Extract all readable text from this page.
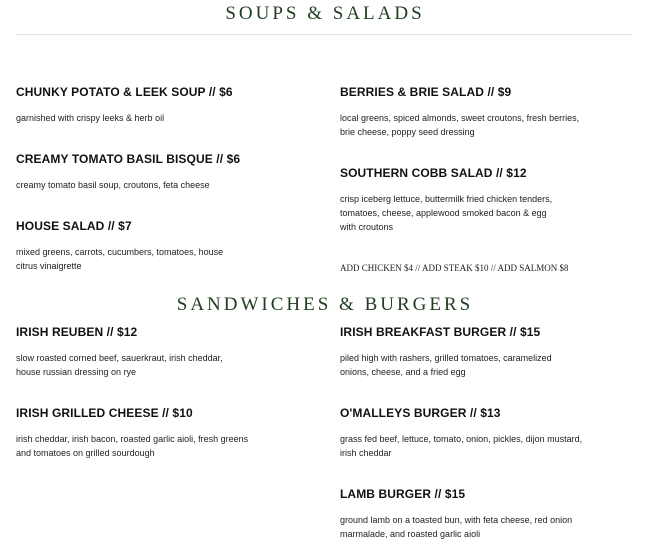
SOUPS & SALADS

CHUNKY POTATO & LEEK SOUP // $6

garnished with crispy leeks & herb oil

CREAMY TOMATO BASIL BISQUE // $6

creamy tomato basil soup, croutons, feta cheese

HOUSE SALAD // $7

mixed greens, carrots, cucumbers, tomatoes, house citrus vinaigrette

BERRIES & BRIE SALAD // $9

local greens, spiced almonds, sweet croutons, fresh berries, brie cheese, poppy seed dressing

SOUTHERN COBB SALAD // $12

crisp iceberg lettuce, buttermilk fried chicken tenders, tomatoes, cheese, applewood smoked bacon & egg with croutons

ADD CHICKEN $4 // ADD STEAK $10 // ADD SALMON $8
SANDWICHES & BURGERS

IRISH REUBEN // $12

slow roasted corned beef, sauerkraut, irish cheddar, house russian dressing on rye

IRISH GRILLED CHEESE // $10

irish cheddar, irish bacon, roasted garlic aioli, fresh greens and tomatoes on grilled sourdough

IRISH BREAKFAST BURGER // $15

piled high with rashers, grilled tomatoes, caramelized onions, cheese, and a fried egg

O'MALLEYS BURGER // $13

grass fed beef, lettuce, tomato, onion, pickles, dijon mustard, irish cheddar

LAMB BURGER // $15

ground lamb on a toasted bun, with feta cheese, red onion marmalade, and roasted garlic aioli
